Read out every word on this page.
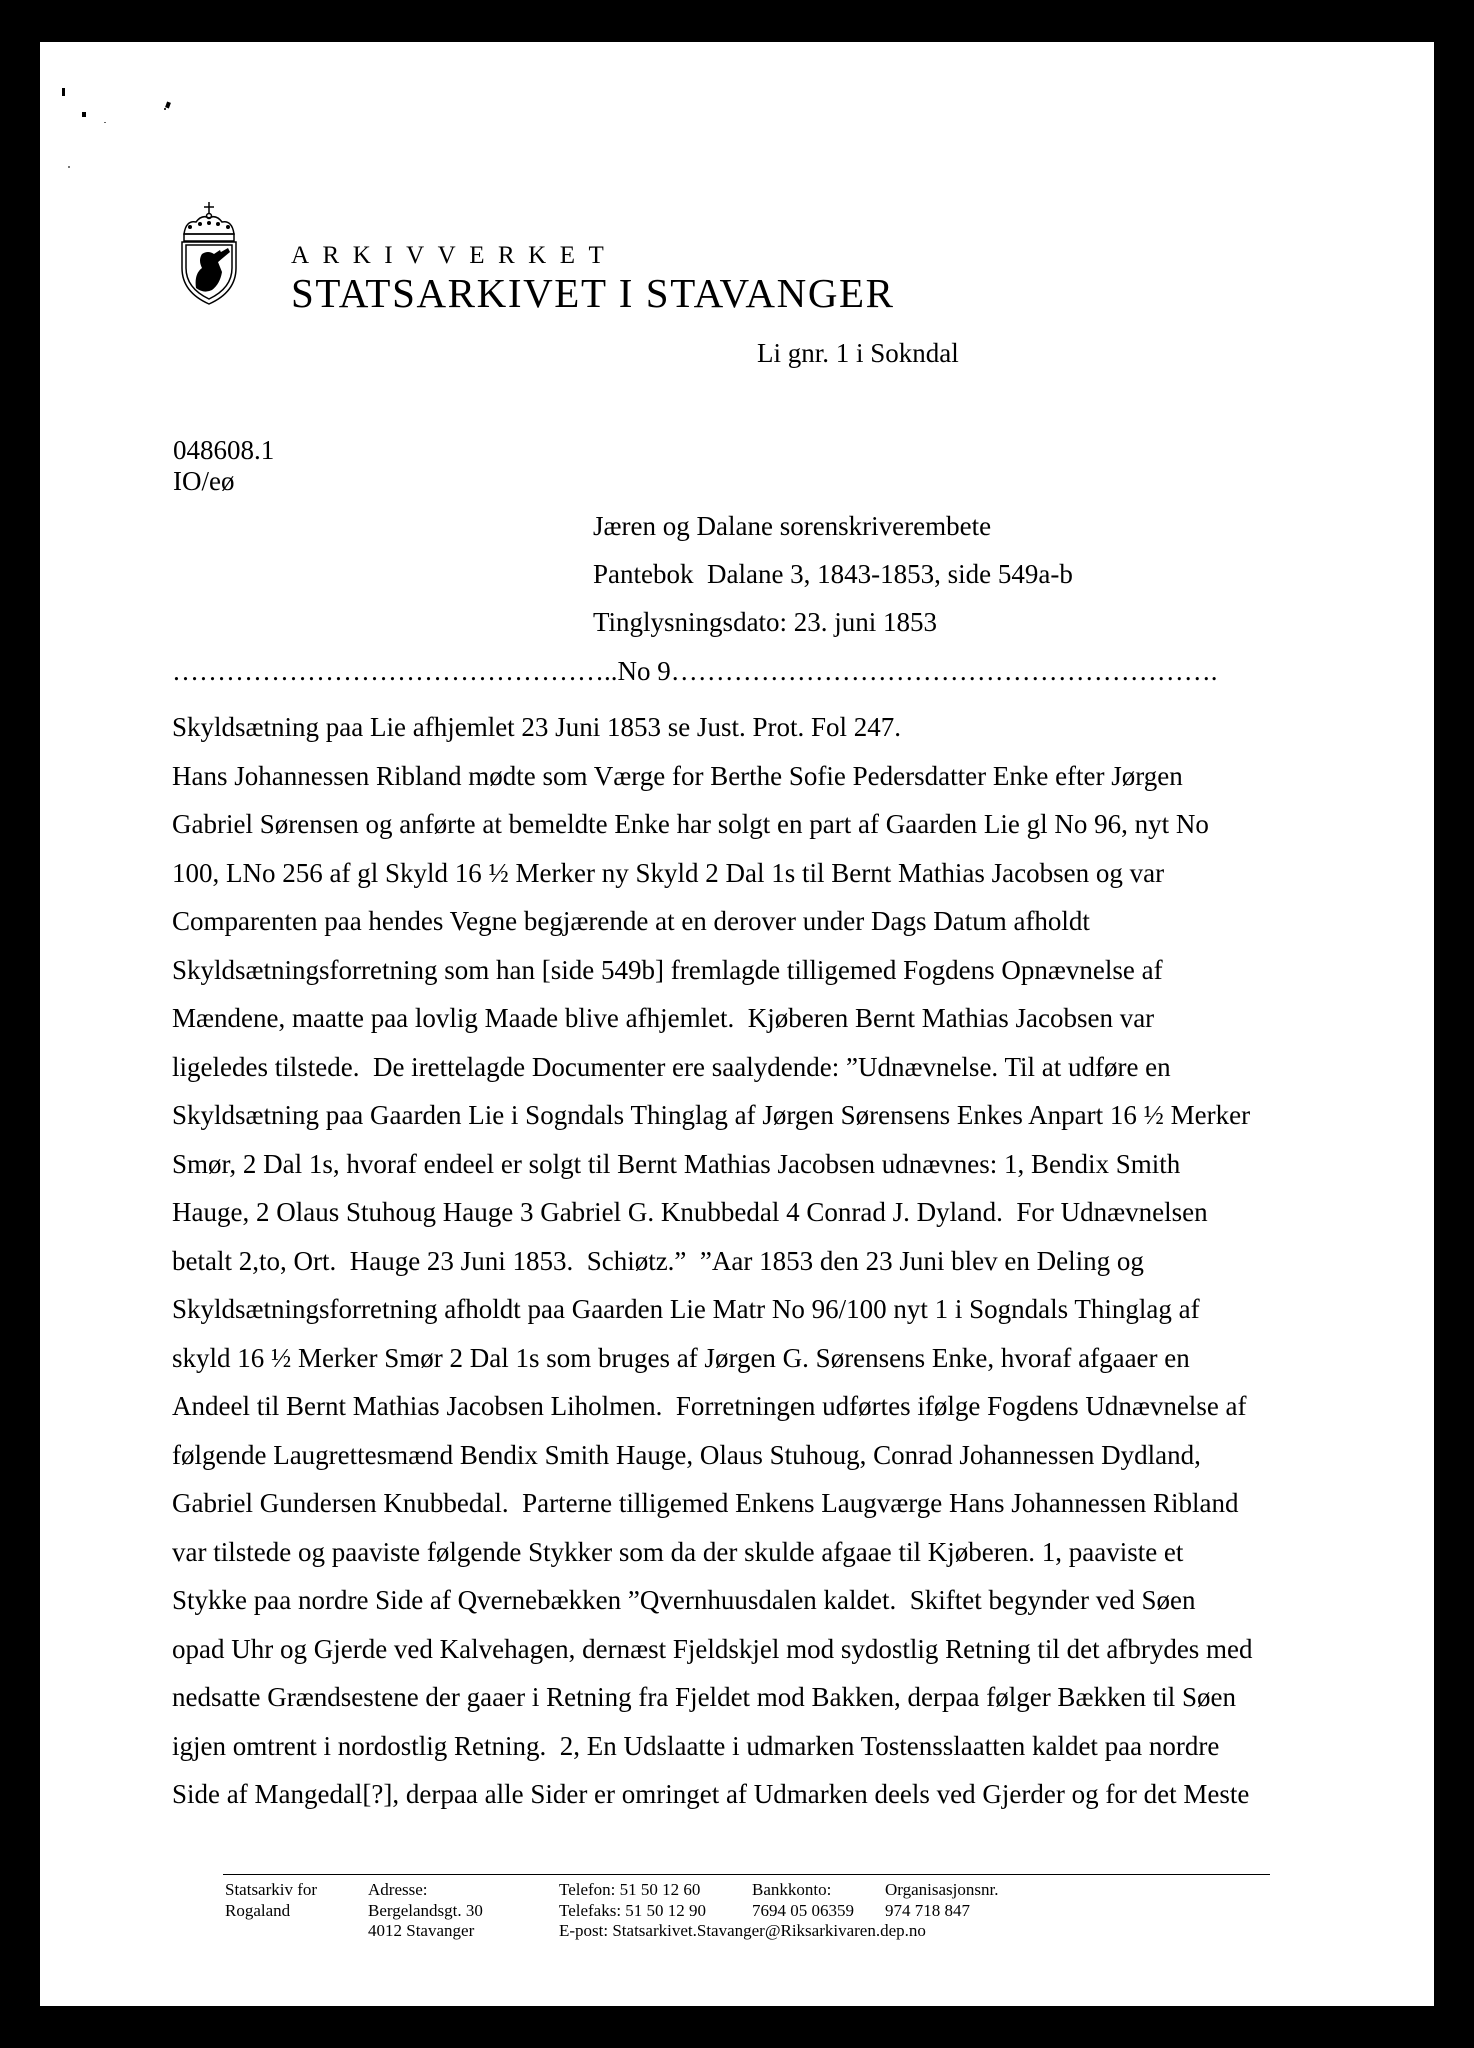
ARKIVVERKET

STATSARKIVET I STAVANGER

Li gnr. 1 i Sokndal
048608.1
IO/eø
Jæren og Dalane sorenskriverembete
Pantebok  Dalane 3, 1843-1853, side 549a-b
Tinglysningsdato: 23. juni 1853
…………………………………………..No 9…………………………………………………….
Skyldsætning paa Lie afhjemlet 23 Juni 1853 se Just. Prot. Fol 247.
Hans Johannessen Ribland mødte som Værge for Berthe Sofie Pedersdatter Enke efter Jørgen
Gabriel Sørensen og anførte at bemeldte Enke har solgt en part af Gaarden Lie gl No 96, nyt No
100, LNo 256 af gl Skyld 16 ½ Merker ny Skyld 2 Dal 1s til Bernt Mathias Jacobsen og var
Comparenten paa hendes Vegne begjærende at en derover under Dags Datum afholdt
Skyldsætningsforretning som han [side 549b] fremlagde tilligemed Fogdens Opnævnelse af
Mændene, maatte paa lovlig Maade blive afhjemlet.  Kjøberen Bernt Mathias Jacobsen var
ligeledes tilstede.  De irettelagde Documenter ere saalydende: ”Udnævnelse. Til at udføre en
Skyldsætning paa Gaarden Lie i Sogndals Thinglag af Jørgen Sørensens Enkes Anpart 16 ½ Merker
Smør, 2 Dal 1s, hvoraf endeel er solgt til Bernt Mathias Jacobsen udnævnes: 1, Bendix Smith
Hauge, 2 Olaus Stuhoug Hauge 3 Gabriel G. Knubbedal 4 Conrad J. Dyland.  For Udnævnelsen
betalt 2,to, Ort.  Hauge 23 Juni 1853.  Schiøtz.”  ”Aar 1853 den 23 Juni blev en Deling og
Skyldsætningsforretning afholdt paa Gaarden Lie Matr No 96/100 nyt 1 i Sogndals Thinglag af
skyld 16 ½ Merker Smør 2 Dal 1s som bruges af Jørgen G. Sørensens Enke, hvoraf afgaaer en
Andeel til Bernt Mathias Jacobsen Liholmen.  Forretningen udførtes ifølge Fogdens Udnævnelse af
følgende Laugrettesmænd Bendix Smith Hauge, Olaus Stuhoug, Conrad Johannessen Dydland,
Gabriel Gundersen Knubbedal.  Parterne tilligemed Enkens Laugværge Hans Johannessen Ribland
var tilstede og paaviste følgende Stykker som da der skulde afgaae til Kjøberen. 1, paaviste et
Stykke paa nordre Side af Qvernebækken ”Qvernhuusdalen kaldet.  Skiftet begynder ved Søen
opad Uhr og Gjerde ved Kalvehagen, dernæst Fjeldskjel mod sydostlig Retning til det afbrydes med
nedsatte Grændsestene der gaaer i Retning fra Fjeldet mod Bakken, derpaa følger Bækken til Søen
igjen omtrent i nordostlig Retning.  2, En Udslaatte i udmarken Tostensslaatten kaldet paa nordre
Side af Mangedal[?], derpaa alle Sider er omringet af Udmarken deels ved Gjerder og for det Meste
Statsarkiv for
Rogaland
Adresse:
Bergelandsgt. 30
4012 Stavanger
Telefon: 51 50 12 60
Telefaks: 51 50 12 90
E-post: Statsarkivet.Stavanger@Riksarkivaren.dep.no
Bankkonto:
7694 05 06359
Organisasjonsnr.
974 718 847
